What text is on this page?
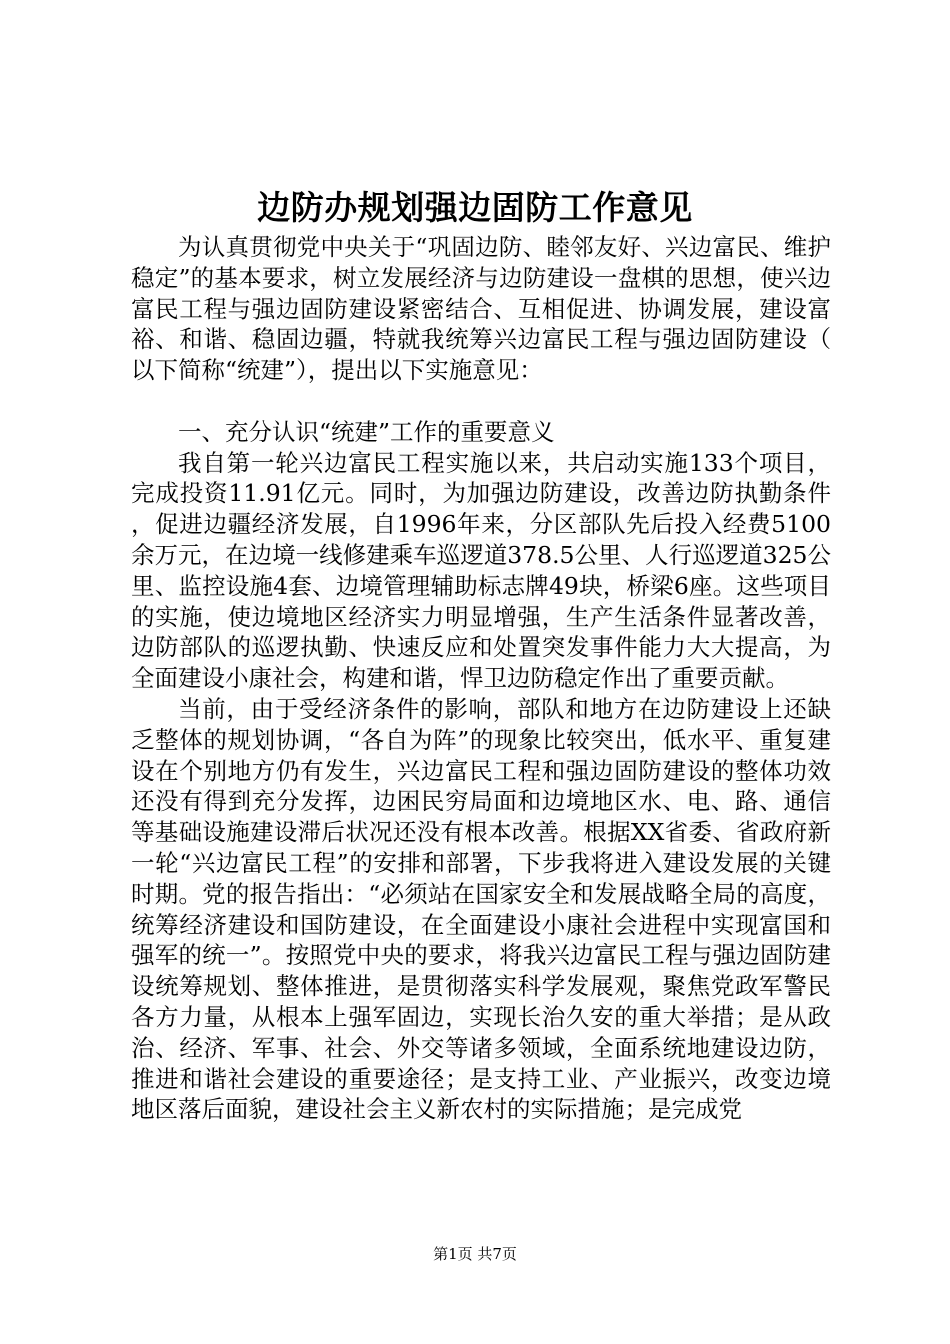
边防办规划强边固防工作意见

为认真贯彻党中央关于“巩固边防、睦邻友好、兴边富民、维护稳定”的基本要求，树立发展经济与边防建设一盘棋的思想，使兴边富民工程与强边固防建设紧密结合、互相促进、协调发展，建设富裕、和谐、稳固边疆，特就我统筹兴边富民工程与强边固防建设（以下简称“统建”），提出以下实施意见：

一、充分认识“统建”工作的重要意义

我自第一轮兴边富民工程实施以来，共启动实施133个项目，完成投资11.91亿元。同时，为加强边防建设，改善边防执勤条件，促进边疆经济发展，自1996年来，分区部队先后投入经费5100余万元，在边境一线修建乘车巡逻道378.5公里、人行巡逻道325公里、监控设施4套、边境管理辅助标志牌49块，桥梁6座。这些项目的实施，使边境地区经济实力明显增强，生产生活条件显著改善，边防部队的巡逻执勤、快速反应和处置突发事件能力大大提高，为全面建设小康社会，构建和谐，悍卫边防稳定作出了重要贡献。

当前，由于受经济条件的影响，部队和地方在边防建设上还缺乏整体的规划协调，“各自为阵”的现象比较突出，低水平、重复建设在个别地方仍有发生，兴边富民工程和强边固防建设的整体功效还没有得到充分发挥，边困民穷局面和边境地区水、电、路、通信等基础设施建设滞后状况还没有根本改善。根据XX省委、省政府新一轮“兴边富民工程”的安排和部署，下步我将进入建设发展的关键时期。党的报告指出：“必须站在国家安全和发展战略全局的高度，统筹经济建设和国防建设，在全面建设小康社会进程中实现富国和强军的统一”。按照党中央的要求，将我兴边富民工程与强边固防建设统筹规划、整体推进，是贯彻落实科学发展观，聚焦党政军警民各方力量，从根本上强军固边，实现长治久安的重大举措；是从政治、经济、军事、社会、外交等诸多领域，全面系统地建设边防，推进和谐社会建设的重要途径；是支持工业、产业振兴，改变边境地区落后面貌，建设社会主义新农村的实际措施；是完成党

第1页 共7页
